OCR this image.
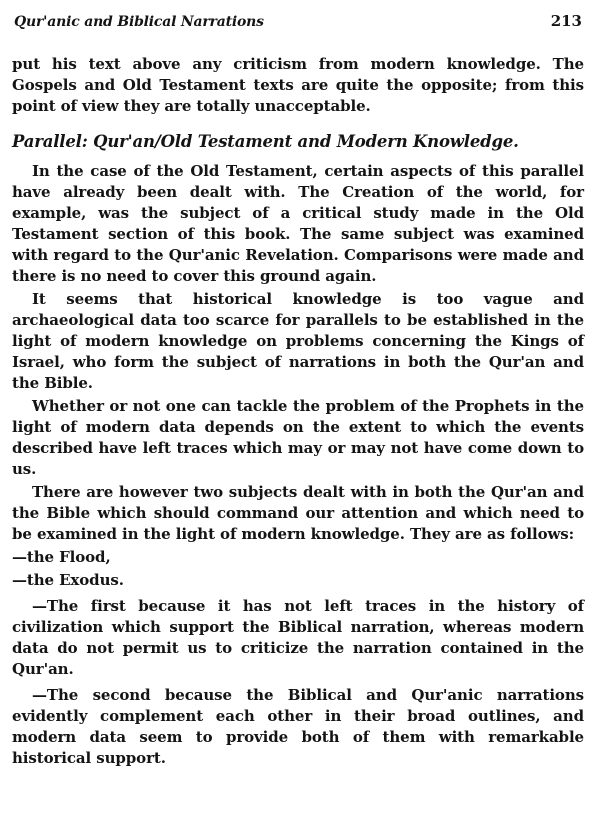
Qur'anic and Biblical Narrations	213

put his text above any criticism from modern knowledge. The Gospels and Old Testament texts are quite the opposite; from this point of view they are totally unacceptable.

Parallel: Qur'an/Old Testament and Modern Knowledge.

In the case of the Old Testament, certain aspects of this parallel have already been dealt with. The Creation of the world, for example, was the subject of a critical study made in the Old Testament section of this book. The same subject was examined with regard to the Qur'anic Revelation. Comparisons were made and there is no need to cover this ground again.

It seems that historical knowledge is too vague and archaeological data too scarce for parallels to be established in the light of modern knowledge on problems concerning the Kings of Israel, who form the subject of narrations in both the Qur'an and the Bible.

Whether or not one can tackle the problem of the Prophets in the light of modern data depends on the extent to which the events described have left traces which may or may not have come down to us.

There are however two subjects dealt with in both the Qur'an and the Bible which should command our attention and which need to be examined in the light of modern knowledge. They are as follows:

—the Flood,

—the Exodus.

—The first because it has not left traces in the history of civilization which support the Biblical narration, whereas modern data do not permit us to criticize the narration contained in the Qur'an.

—The second because the Biblical and Qur'anic narrations evidently complement each other in their broad outlines, and modern data seem to provide both of them with remarkable historical support.
